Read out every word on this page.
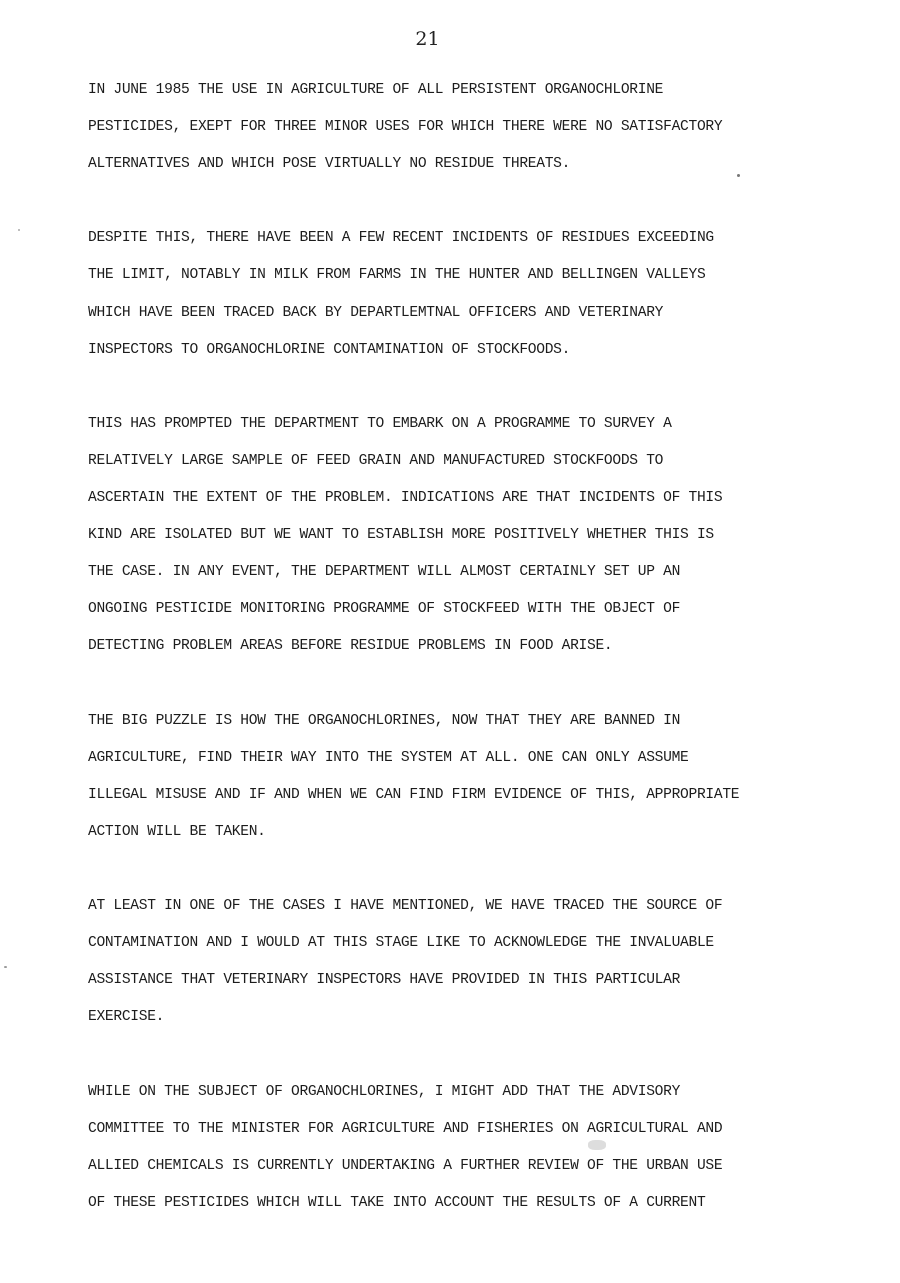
21

IN JUNE 1985 THE USE IN AGRICULTURE OF ALL PERSISTENT ORGANOCHLORINE
PESTICIDES, EXEPT FOR THREE MINOR USES FOR WHICH THERE WERE NO SATISFACTORY
ALTERNATIVES AND WHICH POSE VIRTUALLY NO RESIDUE THREATS.

DESPITE THIS, THERE HAVE BEEN A FEW RECENT INCIDENTS OF RESIDUES EXCEEDING
THE LIMIT, NOTABLY IN MILK FROM FARMS IN THE HUNTER AND BELLINGEN VALLEYS
WHICH HAVE BEEN TRACED BACK BY DEPARTLEMTNAL OFFICERS AND VETERINARY
INSPECTORS TO ORGANOCHLORINE CONTAMINATION OF STOCKFOODS.

THIS HAS PROMPTED THE DEPARTMENT TO EMBARK ON A PROGRAMME TO SURVEY A
RELATIVELY LARGE SAMPLE OF FEED GRAIN AND MANUFACTURED STOCKFOODS TO
ASCERTAIN THE EXTENT OF THE PROBLEM. INDICATIONS ARE THAT INCIDENTS OF THIS
KIND ARE ISOLATED BUT WE WANT TO ESTABLISH MORE POSITIVELY WHETHER THIS IS
THE CASE. IN ANY EVENT, THE DEPARTMENT WILL ALMOST CERTAINLY SET UP AN
ONGOING PESTICIDE MONITORING PROGRAMME OF STOCKFEED WITH THE OBJECT OF
DETECTING PROBLEM AREAS BEFORE RESIDUE PROBLEMS IN FOOD ARISE.

THE BIG PUZZLE IS HOW THE ORGANOCHLORINES, NOW THAT THEY ARE BANNED IN
AGRICULTURE, FIND THEIR WAY INTO THE SYSTEM AT ALL. ONE CAN ONLY ASSUME
ILLEGAL MISUSE AND IF AND WHEN WE CAN FIND FIRM EVIDENCE OF THIS, APPROPRIATE
ACTION WILL BE TAKEN.

AT LEAST IN ONE OF THE CASES I HAVE MENTIONED, WE HAVE TRACED THE SOURCE OF
CONTAMINATION AND I WOULD AT THIS STAGE LIKE TO ACKNOWLEDGE THE INVALUABLE
ASSISTANCE THAT VETERINARY INSPECTORS HAVE PROVIDED IN THIS PARTICULAR
EXERCISE.

WHILE ON THE SUBJECT OF ORGANOCHLORINES, I MIGHT ADD THAT THE ADVISORY
COMMITTEE TO THE MINISTER FOR AGRICULTURE AND FISHERIES ON AGRICULTURAL AND
ALLIED CHEMICALS IS CURRENTLY UNDERTAKING A FURTHER REVIEW OF THE URBAN USE
OF THESE PESTICIDES WHICH WILL TAKE INTO ACCOUNT THE RESULTS OF A CURRENT
